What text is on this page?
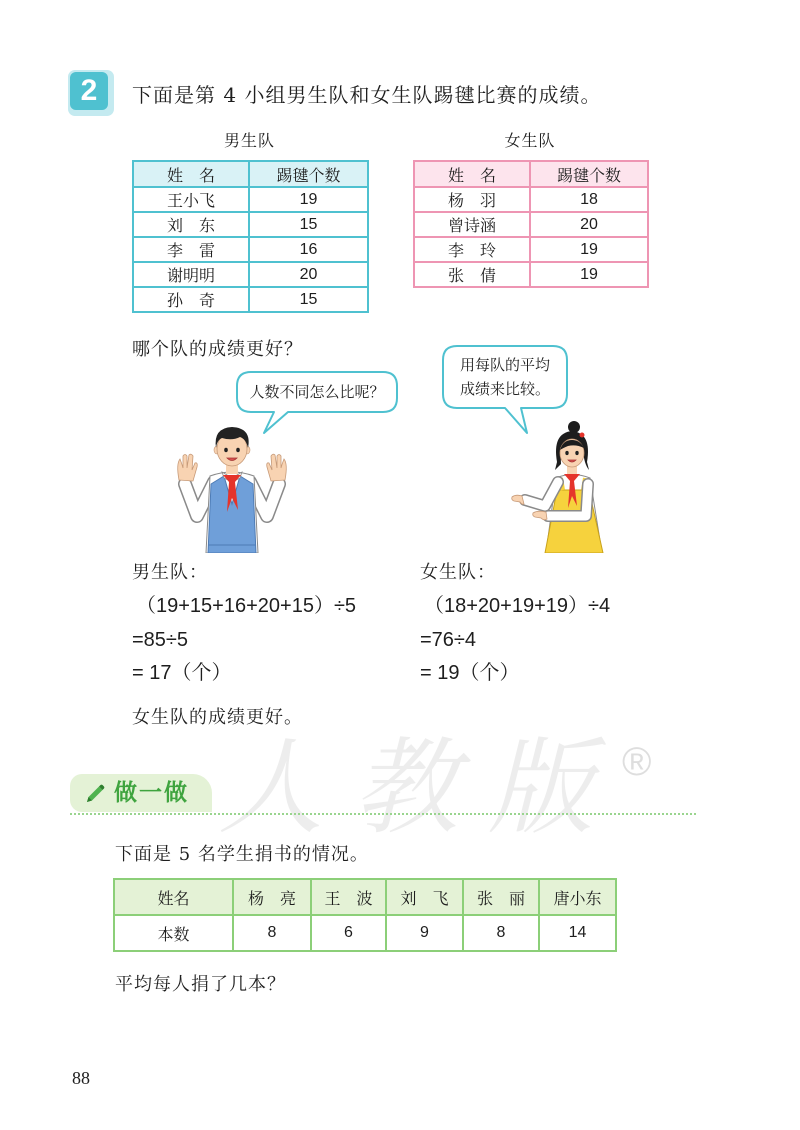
人教版
®
2 下面是第 4 小组男生队和女生队踢毽比赛的成绩。
男生队	女生队
姓　名	踢毽个数
王小飞	19
刘　东	15
李　雷	16
谢明明	20
孙　奇	15
姓　名	踢毽个数
杨　羽	18
曾诗涵	20
李　玲	19
张　倩	19
哪个队的成绩更好？
人数不同怎么比呢？
用每队的平均
成绩来比较。
男生队：
（19+15+16+20+15）÷5
=85÷5
= 17（个）
女生队：
（18+20+19+19）÷4
=76÷4
= 19（个）
女生队的成绩更好。
做一做
下面是 5 名学生捐书的情况。
姓名	杨　亮	王　波	刘　飞	张　丽	唐小东
本数	8	6	9	8	14
平均每人捐了几本？
88
